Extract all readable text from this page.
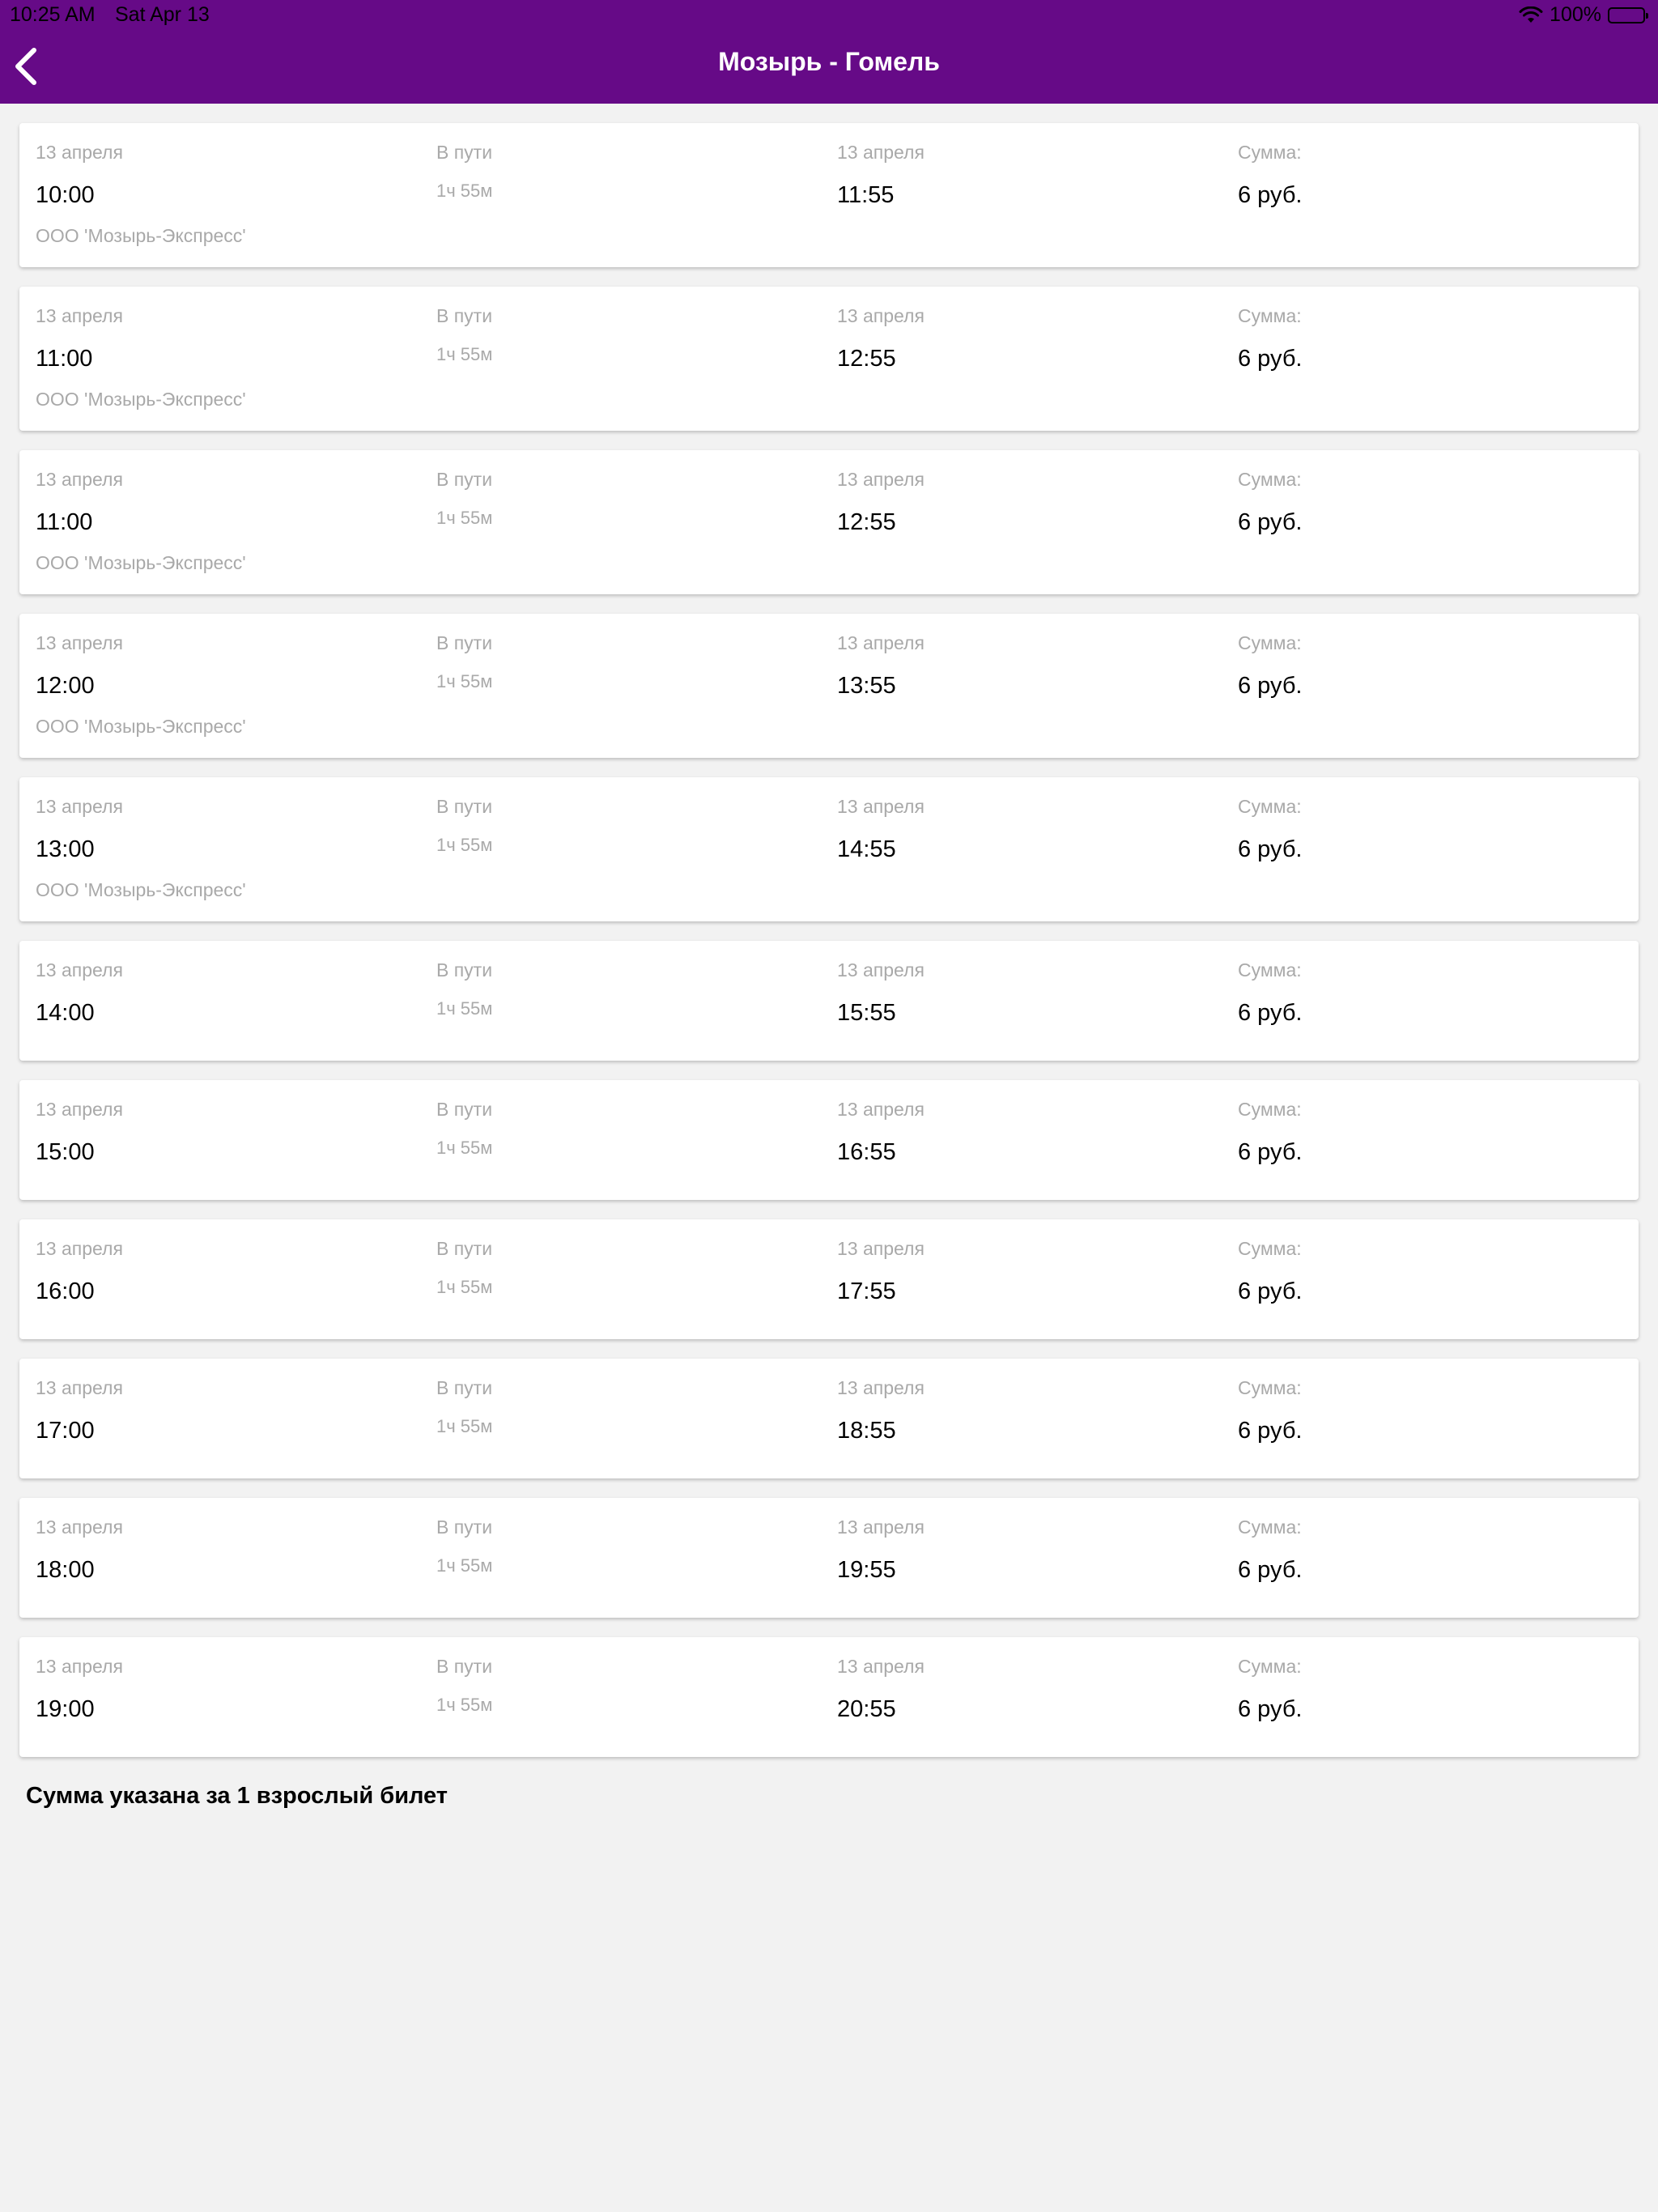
10:25 AM Sat Apr 13	100%
Мозырь - Гомель
13 апреля
10:00
В пути
1ч 55м
13 апреля
11:55
Сумма:
6 руб.
ООО 'Мозырь-Экспресс'
13 апреля
11:00
В пути
1ч 55м
13 апреля
12:55
Сумма:
6 руб.
ООО 'Мозырь-Экспресс'
13 апреля
11:00
В пути
1ч 55м
13 апреля
12:55
Сумма:
6 руб.
ООО 'Мозырь-Экспресс'
13 апреля
12:00
В пути
1ч 55м
13 апреля
13:55
Сумма:
6 руб.
ООО 'Мозырь-Экспресс'
13 апреля
13:00
В пути
1ч 55м
13 апреля
14:55
Сумма:
6 руб.
ООО 'Мозырь-Экспресс'
13 апреля
14:00
В пути
1ч 55м
13 апреля
15:55
Сумма:
6 руб.
13 апреля
15:00
В пути
1ч 55м
13 апреля
16:55
Сумма:
6 руб.
13 апреля
16:00
В пути
1ч 55м
13 апреля
17:55
Сумма:
6 руб.
13 апреля
17:00
В пути
1ч 55м
13 апреля
18:55
Сумма:
6 руб.
13 апреля
18:00
В пути
1ч 55м
13 апреля
19:55
Сумма:
6 руб.
13 апреля
19:00
В пути
1ч 55м
13 апреля
20:55
Сумма:
6 руб.
Сумма указана за 1 взрослый билет
